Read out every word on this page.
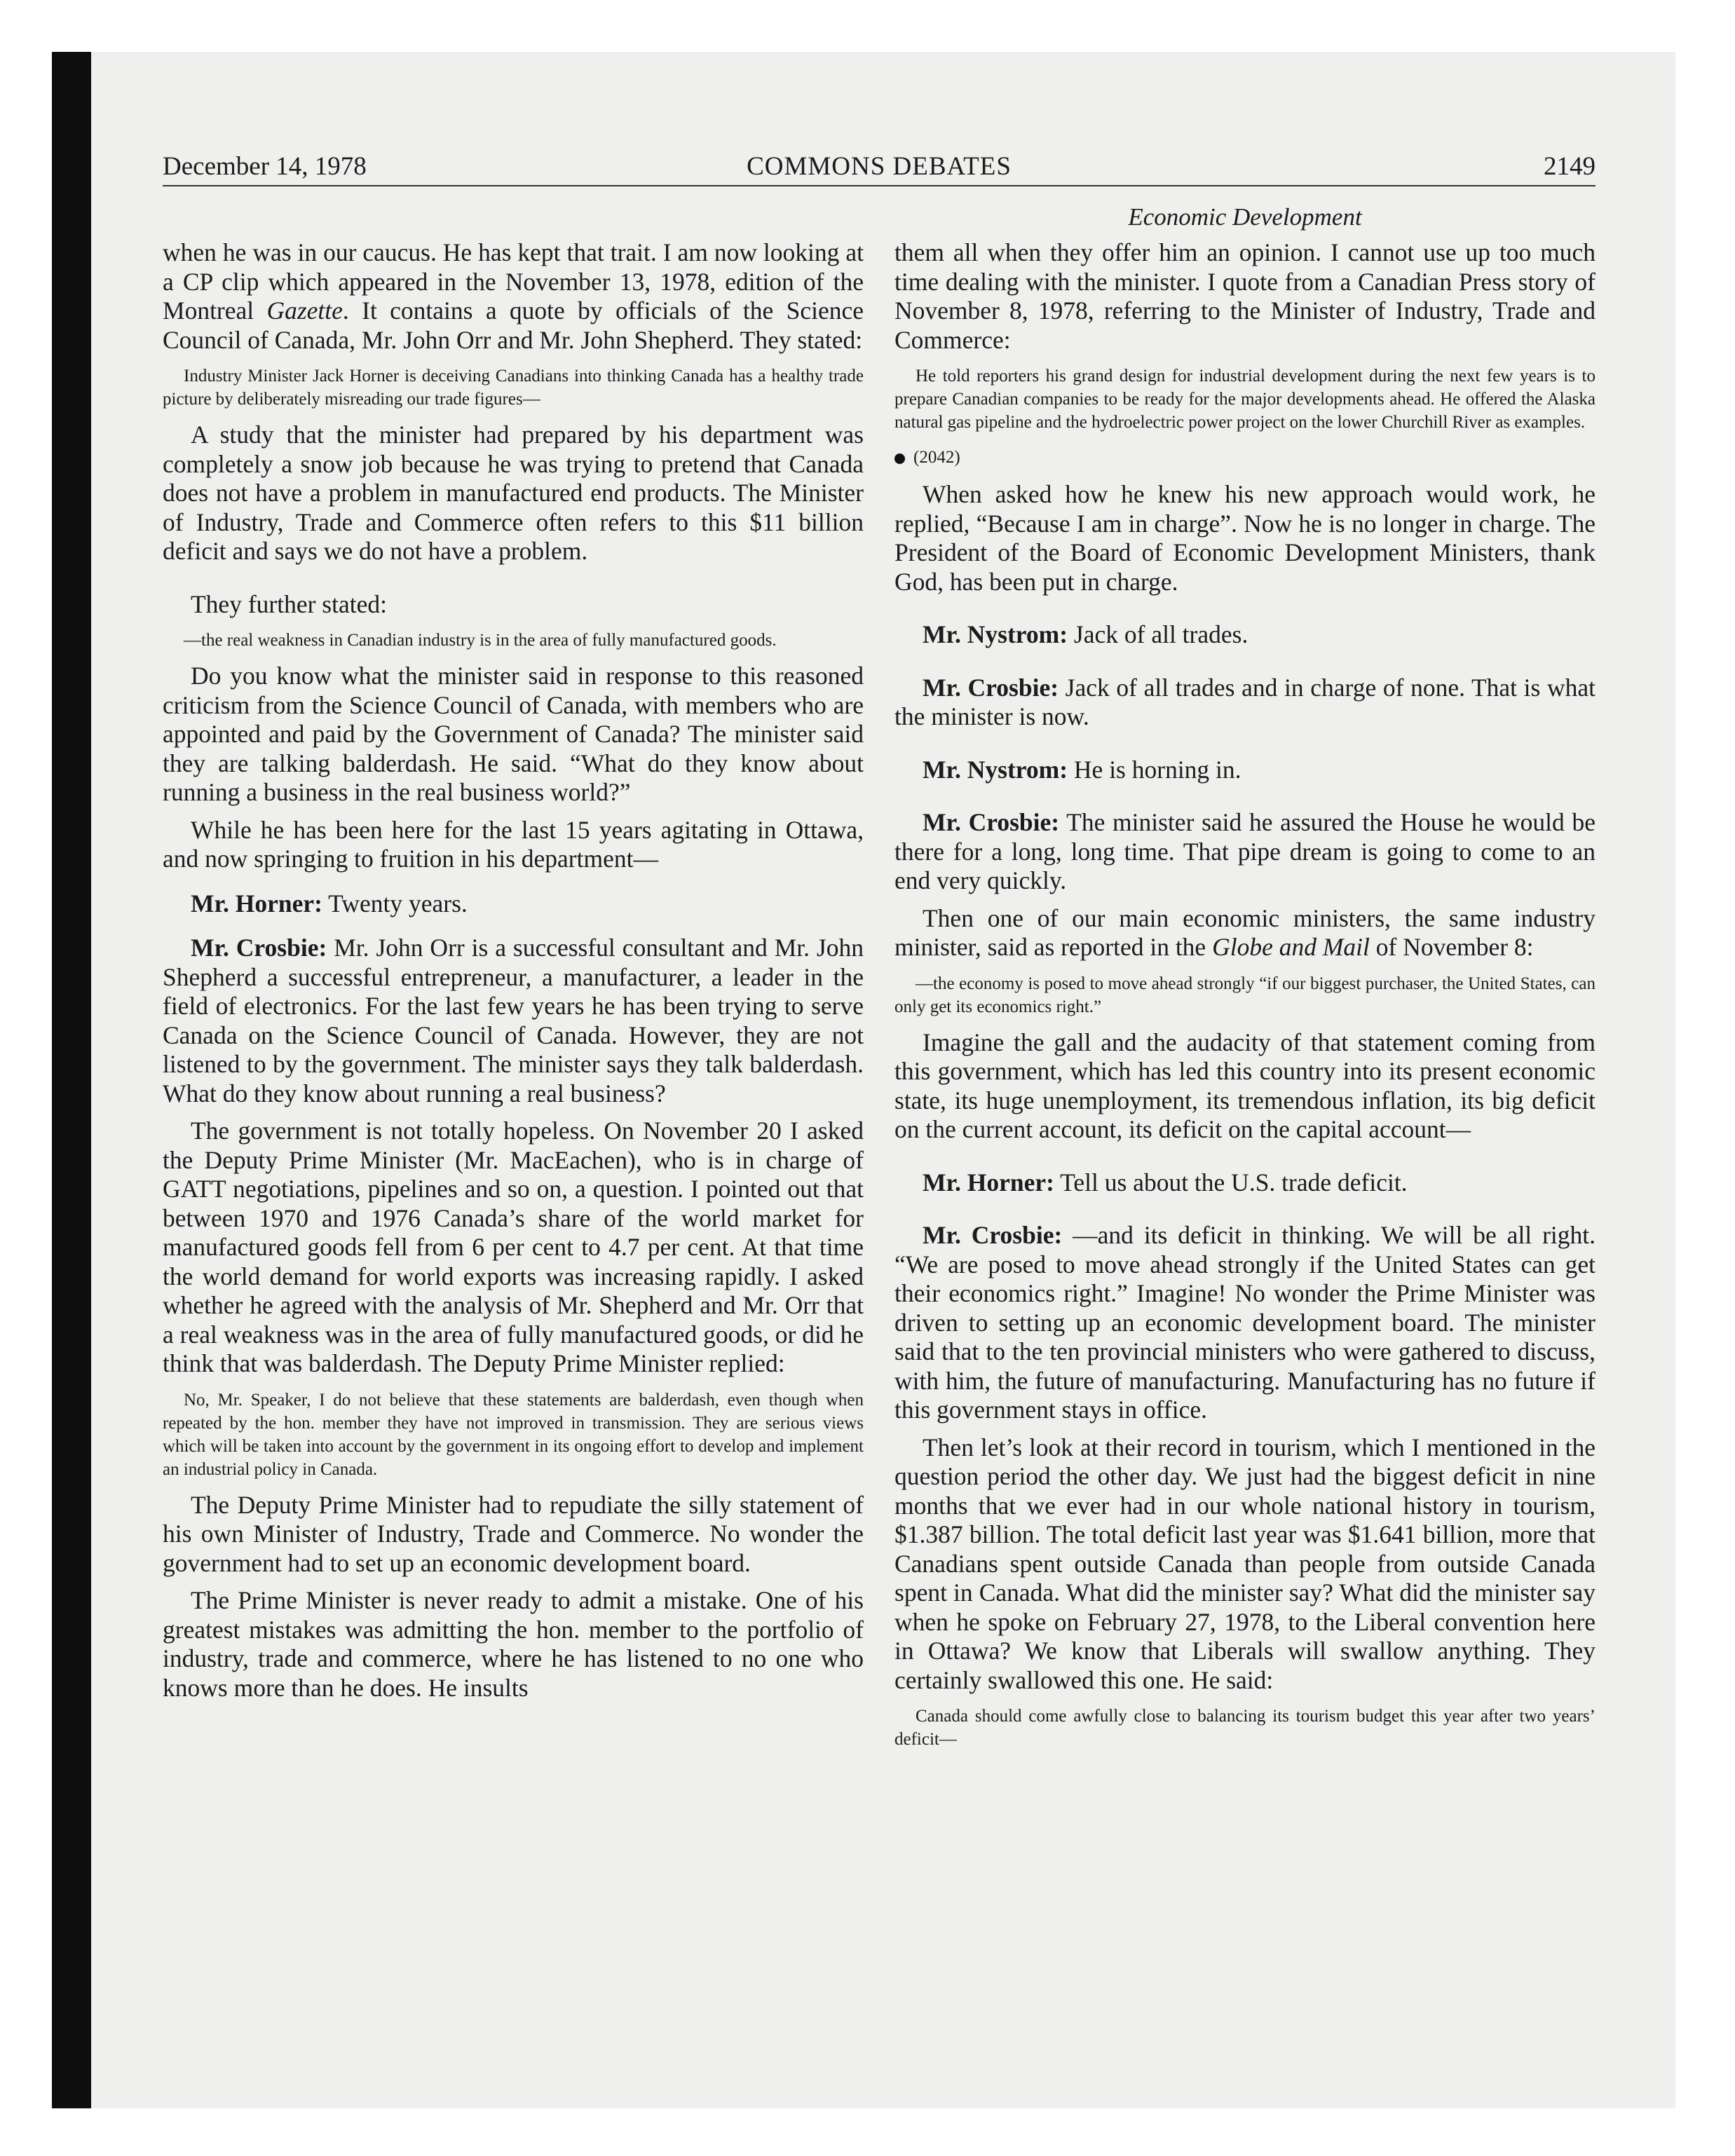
December 14, 1978	COMMONS DEBATES	2149
Economic Development

when he was in our caucus. He has kept that trait. I am now looking at a CP clip which appeared in the November 13, 1978, edition of the Montreal Gazette. It contains a quote by officials of the Science Council of Canada, Mr. John Orr and Mr. John Shepherd. They stated:

Industry Minister Jack Horner is deceiving Canadians into thinking Canada has a healthy trade picture by deliberately misreading our trade figures—

A study that the minister had prepared by his department was completely a snow job because he was trying to pretend that Canada does not have a problem in manufactured end products. The Minister of Industry, Trade and Commerce often refers to this $11 billion deficit and says we do not have a problem.

They further stated:

—the real weakness in Canadian industry is in the area of fully manufactured goods.

Do you know what the minister said in response to this reasoned criticism from the Science Council of Canada, with members who are appointed and paid by the Government of Canada? The minister said they are talking balderdash. He said. “What do they know about running a business in the real business world?”

While he has been here for the last 15 years agitating in Ottawa, and now springing to fruition in his department—

Mr. Horner: Twenty years.

Mr. Crosbie: Mr. John Orr is a successful consultant and Mr. John Shepherd a successful entrepreneur, a manufacturer, a leader in the field of electronics. For the last few years he has been trying to serve Canada on the Science Council of Canada. However, they are not listened to by the government. The minister says they talk balderdash. What do they know about running a real business?

The government is not totally hopeless. On November 20 I asked the Deputy Prime Minister (Mr. MacEachen), who is in charge of GATT negotiations, pipelines and so on, a question. I pointed out that between 1970 and 1976 Canada’s share of the world market for manufactured goods fell from 6 per cent to 4.7 per cent. At that time the world demand for world exports was increasing rapidly. I asked whether he agreed with the analysis of Mr. Shepherd and Mr. Orr that a real weakness was in the area of fully manufactured goods, or did he think that was balderdash. The Deputy Prime Minister replied:

No, Mr. Speaker, I do not believe that these statements are balderdash, even though when repeated by the hon. member they have not improved in transmission. They are serious views which will be taken into account by the government in its ongoing effort to develop and implement an industrial policy in Canada.

The Deputy Prime Minister had to repudiate the silly statement of his own Minister of Industry, Trade and Commerce. No wonder the government had to set up an economic development board.

The Prime Minister is never ready to admit a mistake. One of his greatest mistakes was admitting the hon. member to the portfolio of industry, trade and commerce, where he has listened to no one who knows more than he does. He insults

them all when they offer him an opinion. I cannot use up too much time dealing with the minister. I quote from a Canadian Press story of November 8, 1978, referring to the Minister of Industry, Trade and Commerce:

He told reporters his grand design for industrial development during the next few years is to prepare Canadian companies to be ready for the major developments ahead. He offered the Alaska natural gas pipeline and the hydroelectric power project on the lower Churchill River as examples.
(2042)

When asked how he knew his new approach would work, he replied, “Because I am in charge”. Now he is no longer in charge. The President of the Board of Economic Development Ministers, thank God, has been put in charge.

Mr. Nystrom: Jack of all trades.

Mr. Crosbie: Jack of all trades and in charge of none. That is what the minister is now.

Mr. Nystrom: He is horning in.

Mr. Crosbie: The minister said he assured the House he would be there for a long, long time. That pipe dream is going to come to an end very quickly.

Then one of our main economic ministers, the same industry minister, said as reported in the Globe and Mail of November 8:

—the economy is posed to move ahead strongly “if our biggest purchaser, the United States, can only get its economics right.”

Imagine the gall and the audacity of that statement coming from this government, which has led this country into its present economic state, its huge unemployment, its tremendous inflation, its big deficit on the current account, its deficit on the capital account—

Mr. Horner: Tell us about the U.S. trade deficit.

Mr. Crosbie: —and its deficit in thinking. We will be all right. “We are posed to move ahead strongly if the United States can get their economics right.” Imagine! No wonder the Prime Minister was driven to setting up an economic development board. The minister said that to the ten provincial ministers who were gathered to discuss, with him, the future of manufacturing. Manufacturing has no future if this government stays in office.

Then let’s look at their record in tourism, which I mentioned in the question period the other day. We just had the biggest deficit in nine months that we ever had in our whole national history in tourism, $1.387 billion. The total deficit last year was $1.641 billion, more that Canadians spent outside Canada than people from outside Canada spent in Canada. What did the minister say? What did the minister say when he spoke on February 27, 1978, to the Liberal convention here in Ottawa? We know that Liberals will swallow anything. They certainly swallowed this one. He said:

Canada should come awfully close to balancing its tourism budget this year after two years’ deficit—
